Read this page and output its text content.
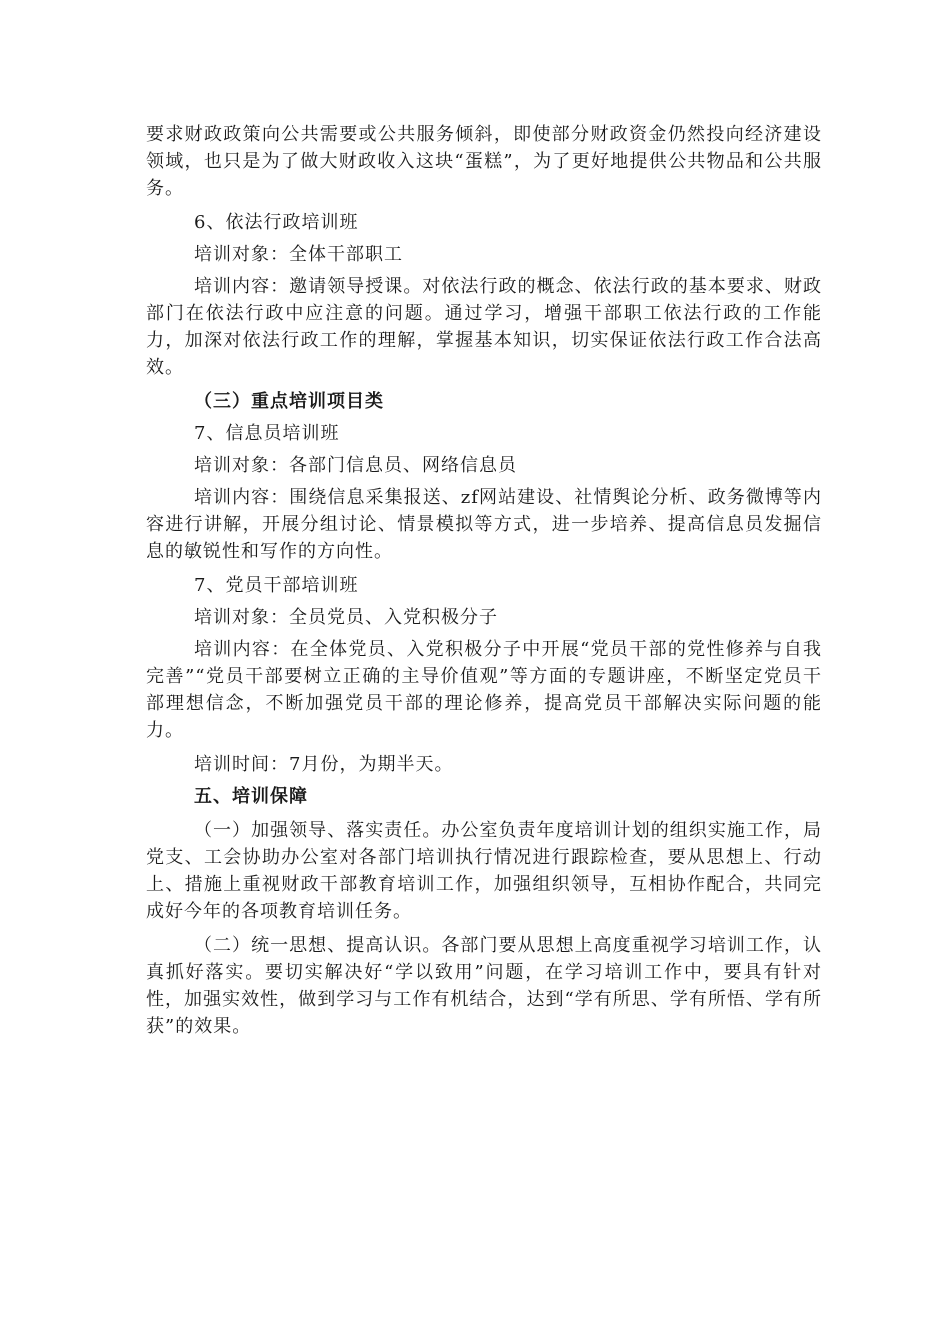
要求财政政策向公共需要或公共服务倾斜，即使部分财政资金仍然投向经济建设领域，也只是为了做大财政收入这块“蛋糕”，为了更好地提供公共物品和公共服务。

6、依法行政培训班

培训对象：全体干部职工

培训内容：邀请领导授课。对依法行政的概念、依法行政的基本要求、财政部门在依法行政中应注意的问题。通过学习，增强干部职工依法行政的工作能力，加深对依法行政工作的理解，掌握基本知识，切实保证依法行政工作合法高效。

（三）重点培训项目类

7、信息员培训班

培训对象：各部门信息员、网络信息员

培训内容：围绕信息采集报送、zf网站建设、社情舆论分析、政务微博等内容进行讲解，开展分组讨论、情景模拟等方式，进一步培养、提高信息员发掘信息的敏锐性和写作的方向性。

7、党员干部培训班

培训对象：全员党员、入党积极分子

培训内容：在全体党员、入党积极分子中开展“党员干部的党性修养与自我完善”“党员干部要树立正确的主导价值观”等方面的专题讲座，不断坚定党员干部理想信念，不断加强党员干部的理论修养，提高党员干部解决实际问题的能力。

培训时间：7月份，为期半天。

五、培训保障

（一）加强领导、落实责任。办公室负责年度培训计划的组织实施工作，局党支、工会协助办公室对各部门培训执行情况进行跟踪检查，要从思想上、行动上、措施上重视财政干部教育培训工作，加强组织领导，互相协作配合，共同完成好今年的各项教育培训任务。

（二）统一思想、提高认识。各部门要从思想上高度重视学习培训工作，认真抓好落实。要切实解决好“学以致用”问题，在学习培训工作中，要具有针对性，加强实效性，做到学习与工作有机结合，达到“学有所思、学有所悟、学有所获”的效果。
